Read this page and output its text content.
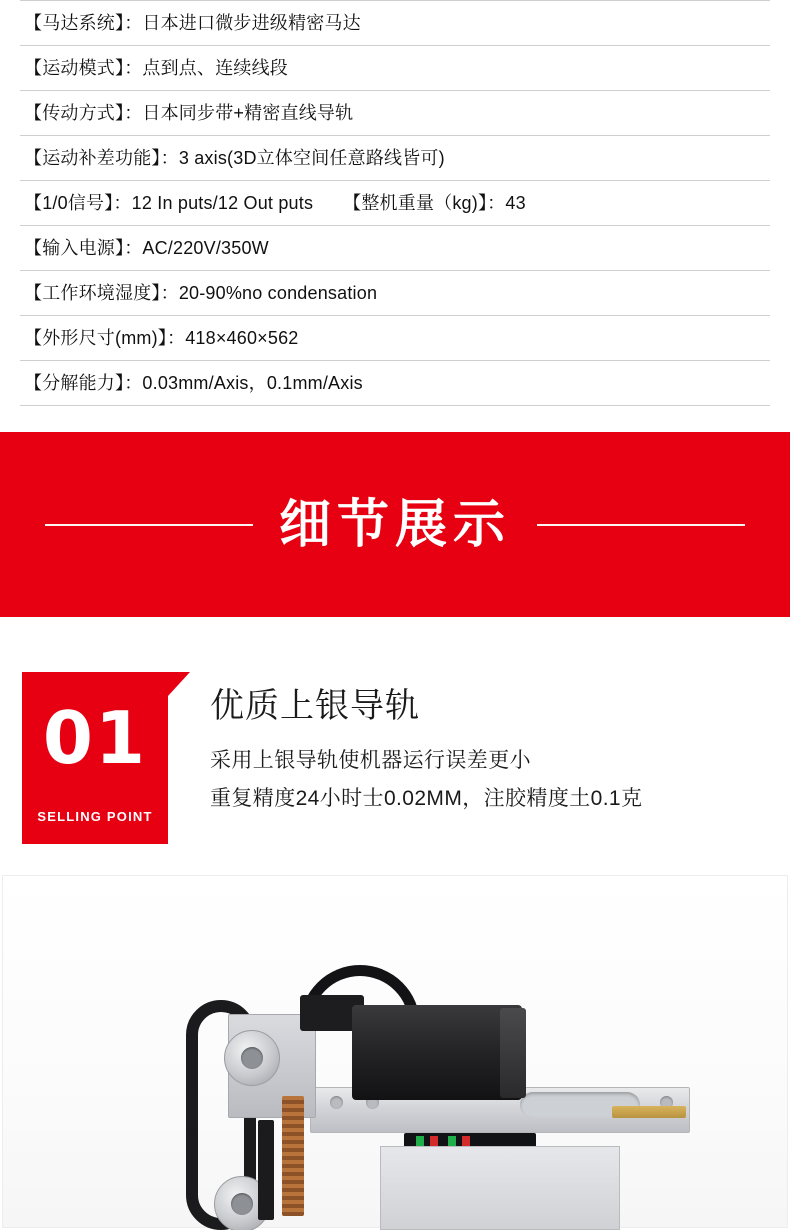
【马达系统】： 日本进口微步进级精密马达

【运动模式】： 点到点、连续线段

【传动方式】： 日本同步带+精密直线导轨

【运动补差功能】： 3 axis(3D立体空间任意路线皆可)

【1/0信号】： 12 In puts/12 Out puts	【整机重量（kg)】： 43

【输入电源】： AC/220V/350W

【工作环境湿度】： 20-90%no condensation

【外形尺寸(mm)】： 418×460×562

【分解能力】： 0.03mm/Axis，0.1mm/Axis
细节展示
01
SELLING POINT
优质上银导轨
采用上银导轨使机器运行误差更小
重复精度24小时士0.02MM，注胶精度土0.1克
